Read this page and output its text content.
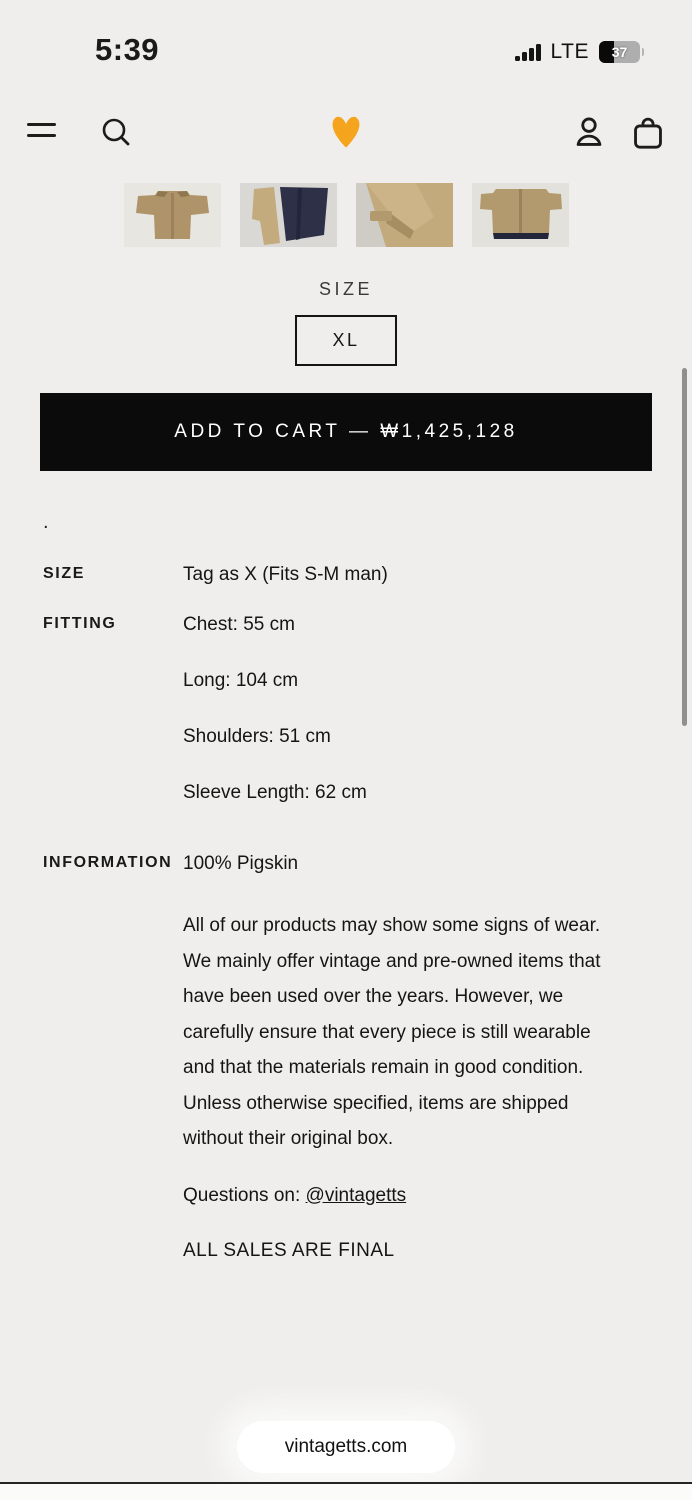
5:39	LTE	37
SIZE
XL
ADD TO CART — ₩1,425,128
.
SIZE	Tag as X (Fits S-M man)
FITTING	Chest: 55 cm
Long: 104 cm
Shoulders: 51 cm
Sleeve Length: 62 cm
INFORMATION 100% Pigskin

All of our products may show some signs of wear. We mainly offer vintage and pre-owned items that have been used over the years. However, we carefully ensure that every piece is still wearable and that the materials remain in good condition. Unless otherwise specified, items are shipped without their original box.

Questions on: @vintagetts
ALL SALES ARE FINAL
vintagetts.com
